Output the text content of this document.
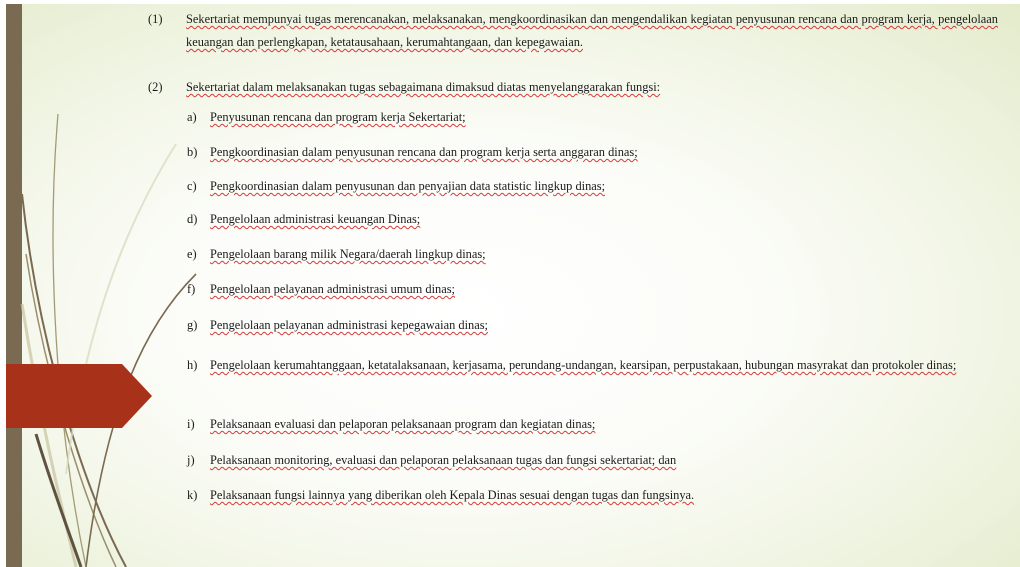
(1) Sekertariat mempunyai tugas merencanakan, melaksanakan, mengkoordinasikan dan mengendalikan kegiatan penyusunan rencana dan program kerja, pengelolaan keuangan dan perlengkapan, ketatausahaan, kerumahtangaan, dan kepegawaian.
(2) Sekertariat dalam melaksanakan tugas sebagaimana dimaksud diatas menyelanggarakan fungsi:
a) Penyusunan rencana dan program kerja Sekertariat;
b) Pengkoordinasian dalam penyusunan rencana dan program kerja serta anggaran dinas;
c) Pengkoordinasian dalam penyusunan dan penyajian data statistic lingkup dinas;
d) Pengelolaan administrasi keuangan Dinas;
e) Pengelolaan barang milik Negara/daerah lingkup dinas;
f) Pengelolaan pelayanan administrasi umum dinas;
g) Pengelolaan pelayanan administrasi kepegawaian dinas;
h) Pengelolaan kerumahtanggaan, ketatalaksanaan, kerjasama, perundang-undangan, kearsipan, perpustakaan, hubungan masyrakat dan protokoler dinas;
i) Pelaksanaan evaluasi dan pelaporan pelaksanaan program dan kegiatan dinas;
j) Pelaksanaan monitoring, evaluasi dan pelaporan pelaksanaan tugas dan fungsi sekertariat; dan
k) Pelaksanaan fungsi lainnya yang diberikan oleh Kepala Dinas sesuai dengan tugas dan fungsinya.
